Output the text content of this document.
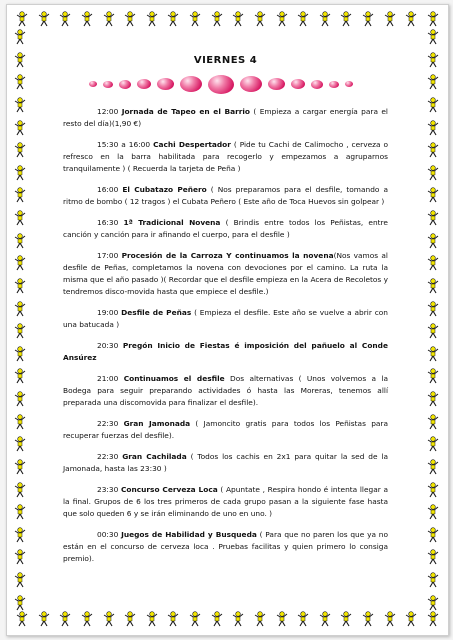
VIERNES 4
12:00 Jornada de Tapeo en el Barrio ( Empieza a cargar energía para el resto del día)(1,90 €)
15:30 a 16:00 Cachi Despertador ( Pide tu Cachi de Calimocho , cerveza o refresco en la barra habilitada para recogerlo y empezamos a agruparnos tranquilamente ) ( Recuerda la tarjeta de Peña )
16:00 El Cubatazo Peñero ( Nos preparamos para el desfile, tomando a ritmo de bombo ( 12 tragos ) el Cubata Peñero ( Este año de Toca Huevos sin golpear )
16:30 1ª Tradicional Novena ( Brindis entre todos los Peñistas, entre canción y canción para ir afinando el cuerpo, para el desfile )
17:00 Procesión de la Carroza Y continuamos la novena(Nos vamos al desfile de Peñas, completamos la novena con devociones por el camino. La ruta la misma que el año pasado )( Recordar que el desfile empieza en la Acera de Recoletos y tendremos disco-movida hasta que empiece el desfile.)
19:00 Desfile de Peñas ( Empieza el desfile. Este año se vuelve a abrir con una batucada )
20:30 Pregón Inicio de Fiestas é imposición del pañuelo al Conde Ansúrez
21:00 Continuamos el desfile Dos alternativas ( Unos volvemos a la Bodega para seguir preparando actividades ó hasta las Moreras, tenemos allí preparada una discomovida para finalizar el desfile).
22:30 Gran Jamonada ( Jamoncito gratis para todos los Peñistas para recuperar fuerzas del desfile).
22:30 Gran Cachilada ( Todos los cachis en 2x1 para quitar la sed de la Jamonada, hasta las 23:30 )
23:30 Concurso Cerveza Loca ( Apuntate , Respira hondo é intenta llegar a la final. Grupos de 6 los tres primeros de cada grupo pasan a la siguiente fase hasta que solo queden 6 y se irán eliminando de uno en uno. )
00:30 Juegos de Habilidad y Busqueda ( Para que no paren los que ya no están en el concurso de cerveza loca . Pruebas facilitas y quien primero lo consiga premio).
